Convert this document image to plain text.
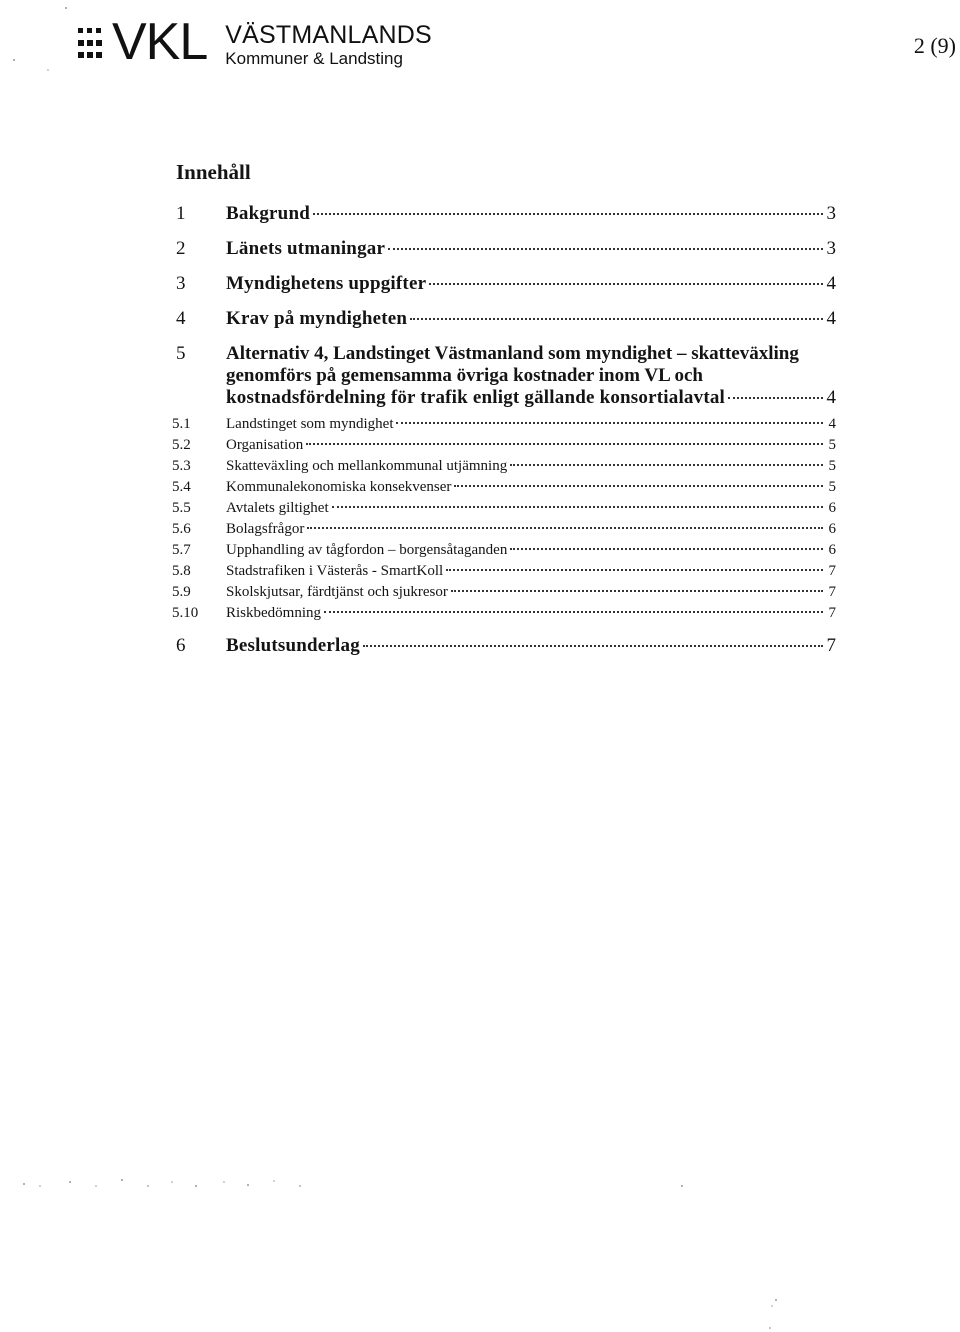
VKL VÄSTMANLANDS
Kommuner & Landsting
2 (9)
Innehåll
1	Bakgrund	3
2	Länets utmaningar	3
3	Myndighetens uppgifter	4
4	Krav på myndigheten	4
5	Alternativ 4, Landstinget Västmanland som myndighet – skatteväxling
genomförs på gemensamma övriga kostnader inom VL och
kostnadsfördelning för trafik enligt gällande konsortialavtal	4
5.1	Landstinget som myndighet	4
5.2	Organisation	5
5.3	Skatteväxling och mellankommunal utjämning	5
5.4	Kommunalekonomiska konsekvenser	5
5.5	Avtalets giltighet	6
5.6	Bolagsfrågor	6
5.7	Upphandling av tågfordon – borgensåtaganden	6
5.8	Stadstrafiken i Västerås - SmartKoll	7
5.9	Skolskjutsar, färdtjänst och sjukresor	7
5.10	Riskbedömning	7
6	Beslutsunderlag	7
